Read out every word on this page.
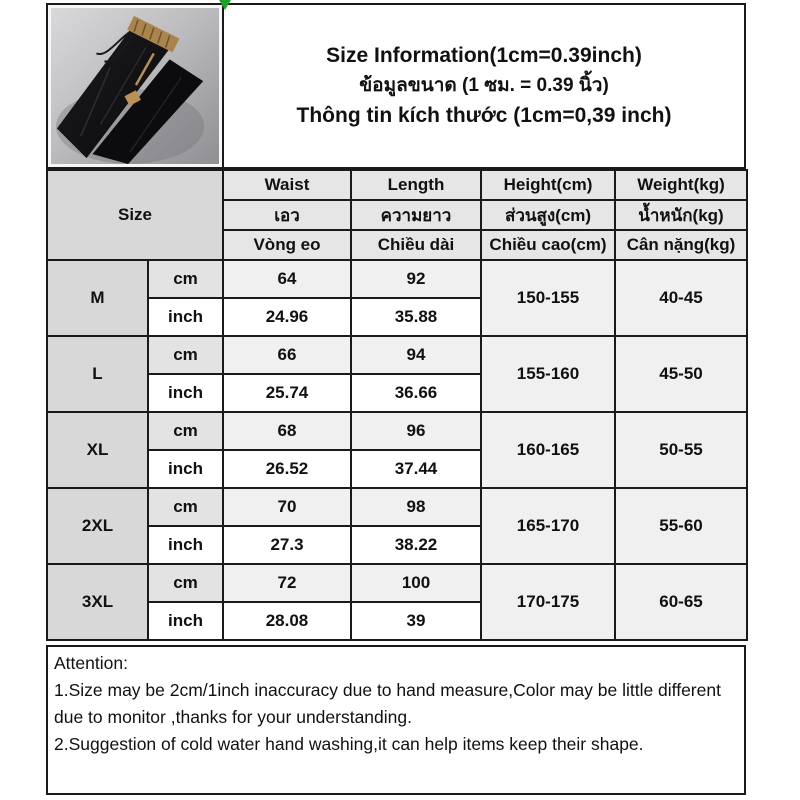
Size Information(1cm=0.39inch)
ข้อมูลขนาด (1 ซม. = 0.39 นิ้ว)
Thông tin kích thước (1cm=0,39 inch)
Size		Waist	Length	Height(cm)	Weight(kg)
		เอว	ความยาว	ส่วนสูง(cm)	น้ำหนัก(kg)
		Vòng eo	Chiều dài	Chiều cao(cm)	Cân nặng(kg)
M	cm	64	92	150-155	40-45
	inch	24.96	35.88		
L	cm	66	94	155-160	45-50
	inch	25.74	36.66		
XL	cm	68	96	160-165	50-55
	inch	26.52	37.44		
2XL	cm	70	98	165-170	55-60
	inch	27.3	38.22		
3XL	cm	72	100	170-175	60-65
	inch	28.08	39		
Attention:
1.Size may be 2cm/1inch inaccuracy due to hand measure,Color may be little different due to monitor ,thanks for your understanding.
2.Suggestion of cold water hand washing,it can help items keep their shape.
